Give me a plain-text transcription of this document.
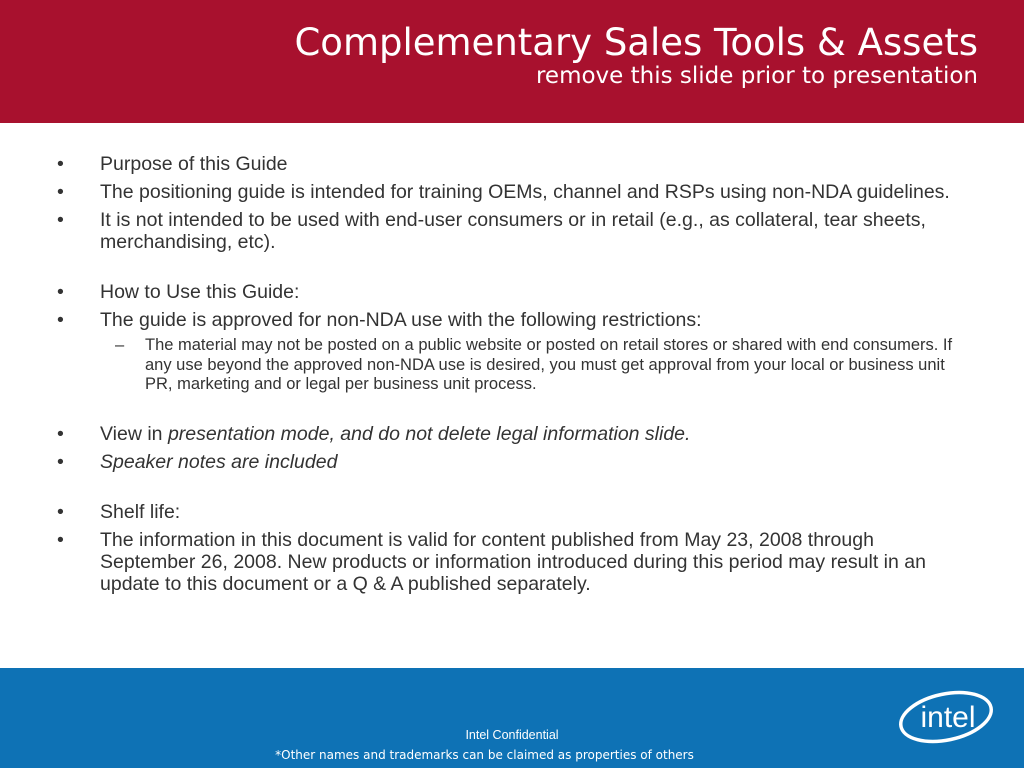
Complementary Sales Tools & Assets
remove this slide prior to presentation
• Purpose of this Guide
• The positioning guide is intended for training OEMs, channel and RSPs using non-NDA guidelines.
• It is not intended to be used with end-user consumers or in retail (e.g., as collateral, tear sheets, merchandising, etc).
• How to Use this Guide:
• The guide is approved for non-NDA use with the following restrictions:
– The material may not be posted on a public website or posted on retail stores or shared with end consumers. If any use beyond the approved non-NDA use is desired, you must get approval from your local or business unit PR, marketing and or legal per business unit process.
• View in presentation mode, and do not delete legal information slide.
• Speaker notes are included
• Shelf life:
• The information in this document is valid for content published from May 23, 2008 through September 26, 2008. New products or information introduced during this period may result in an update to this document or a Q & A published separately.
intel
Intel Confidential
*Other names and trademarks can be claimed as properties of others
